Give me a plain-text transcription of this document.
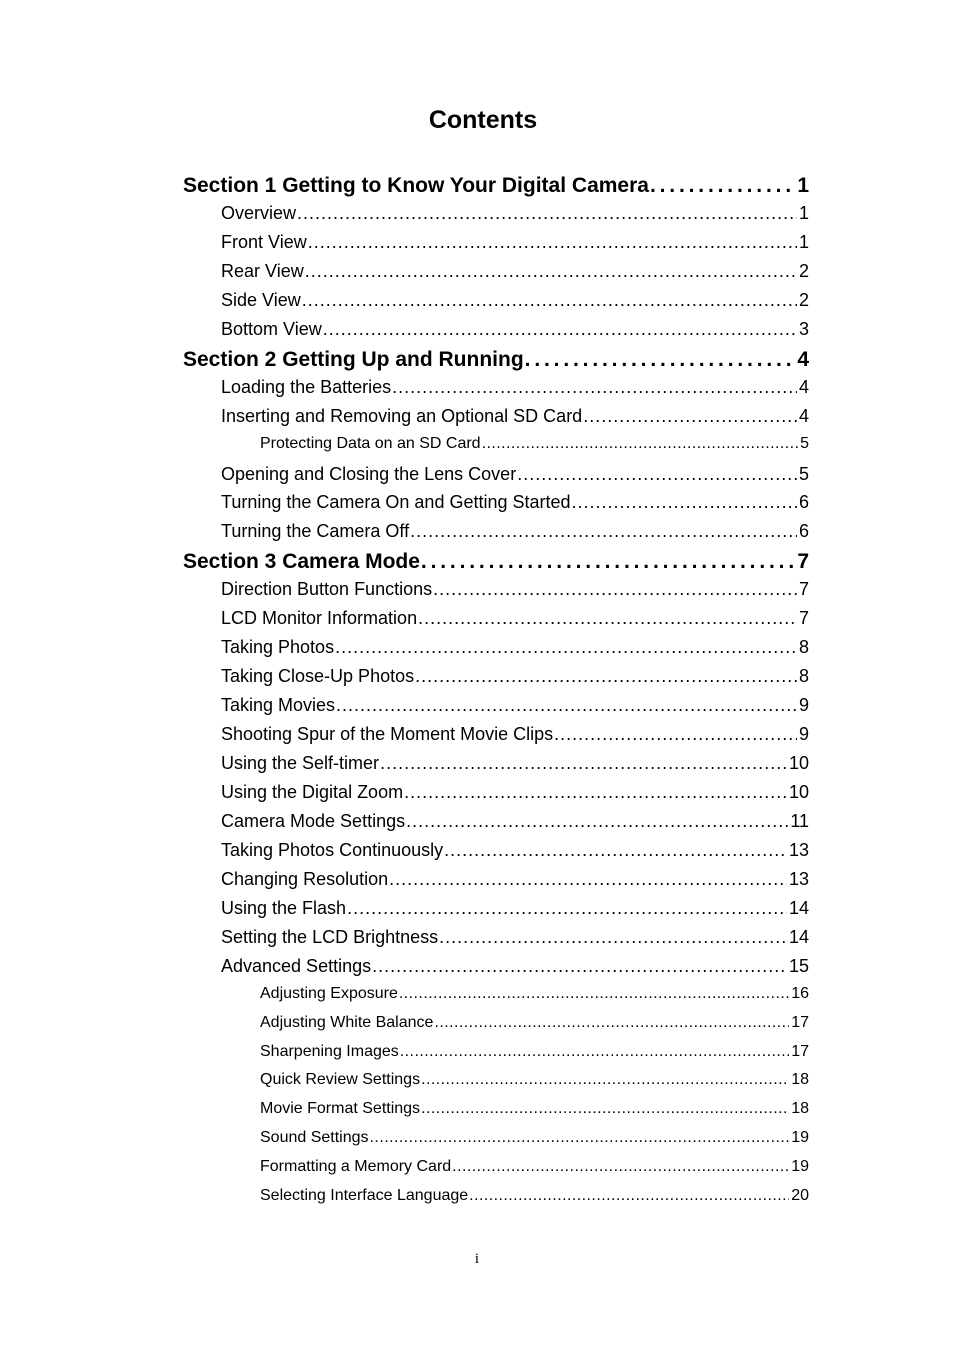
Contents
Section 1 Getting to Know Your Digital Camera . . .	1
Overview . . .	1
Front View . . .	1
Rear View . . .	2
Side View . . .	2
Bottom View . . .	3
Section 2 Getting Up and Running . . .	4
Loading the Batteries . . .	4
Inserting and Removing an Optional SD Card . . .	4
Protecting Data on an SD Card . . .	5
Opening and Closing the Lens Cover . . .	5
Turning the Camera On and Getting Started . . .	6
Turning the Camera Off . . .	6
Section 3 Camera Mode . . .	7
Direction Button Functions . . .	7
LCD Monitor Information . . .	7
Taking Photos . . .	8
Taking Close-Up Photos . . .	8
Taking Movies . . .	9
Shooting Spur of the Moment Movie Clips . . .	9
Using the Self-timer . . .	10
Using the Digital Zoom . . .	10
Camera Mode Settings . . .	11
Taking Photos Continuously . . .	13
Changing Resolution . . .	13
Using the Flash . . .	14
Setting the LCD Brightness . . .	14
Advanced Settings . . .	15
Adjusting Exposure . . .	16
Adjusting White Balance . . .	17
Sharpening Images . . .	17
Quick Review Settings . . .	18
Movie Format Settings . . .	18
Sound Settings . . .	19
Formatting a Memory Card . . .	19
Selecting Interface Language . . .	20
i
